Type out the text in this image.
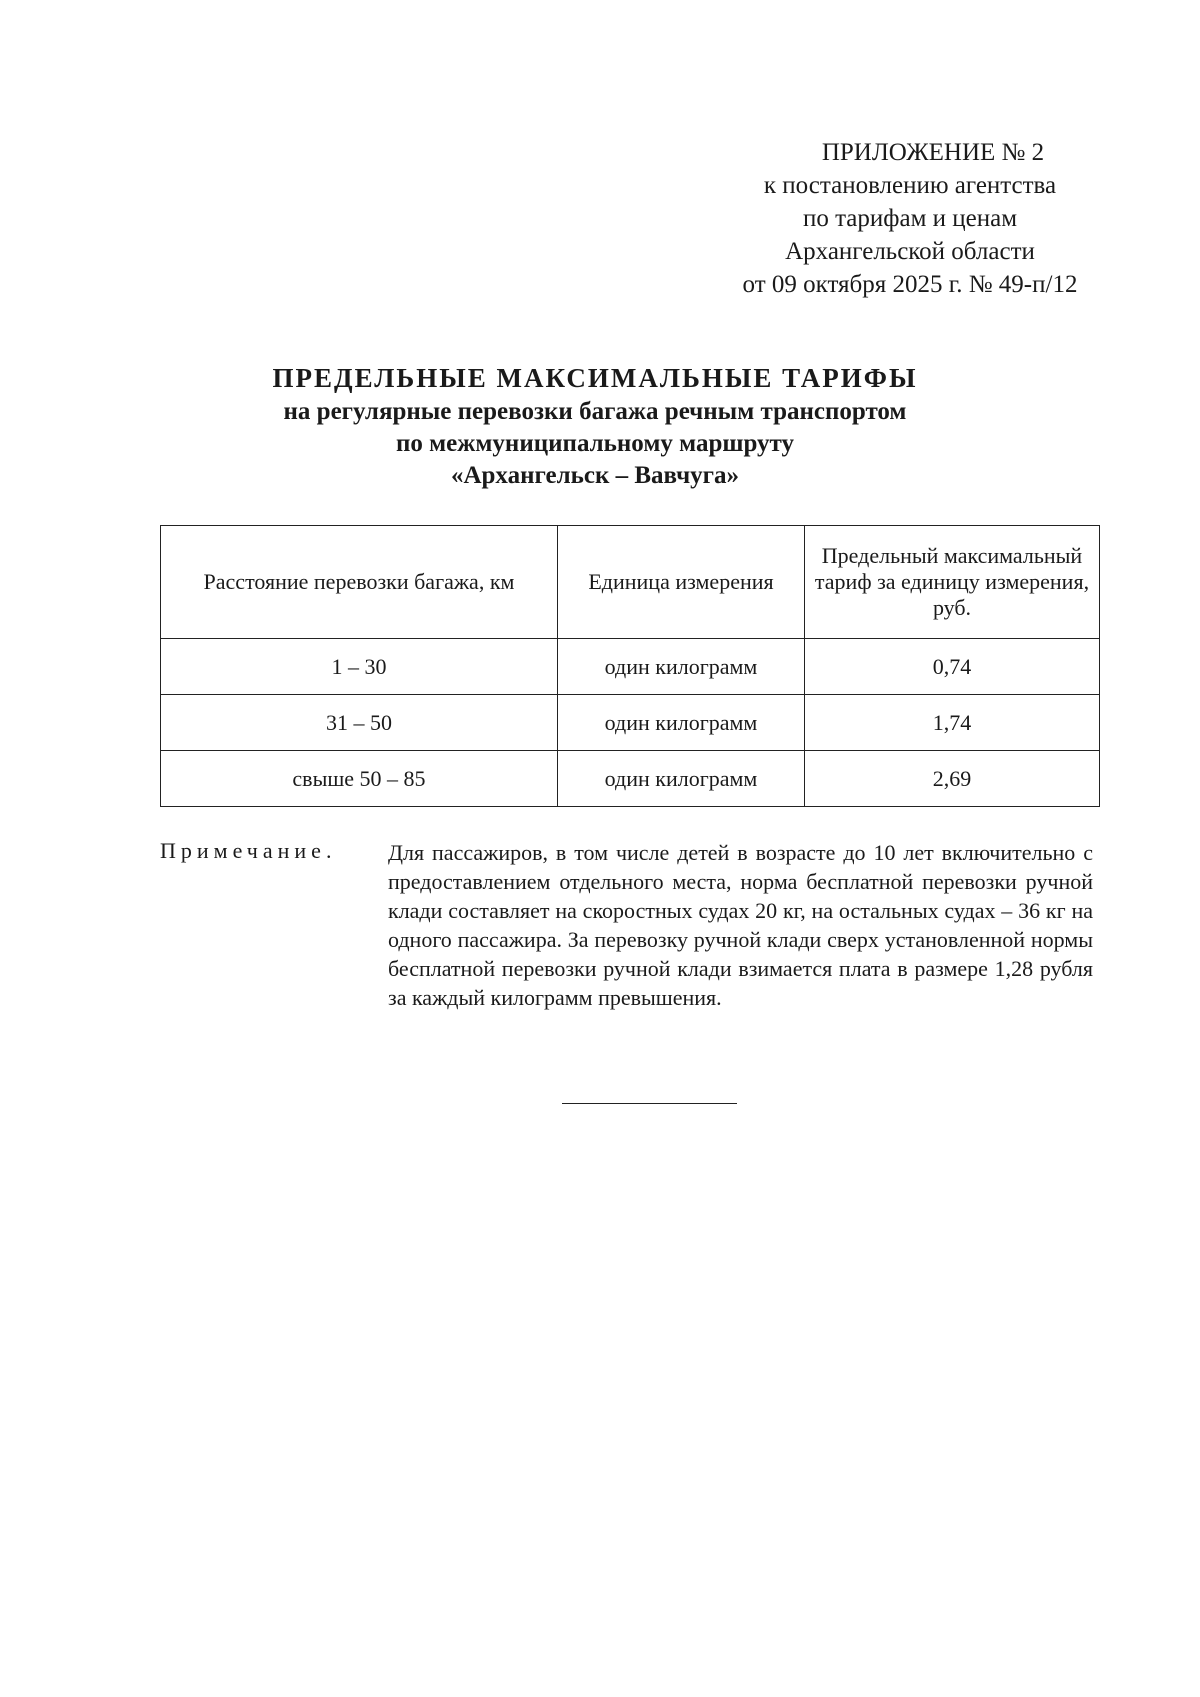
ПРИЛОЖЕНИЕ № 2
к постановлению агентства
по тарифам и ценам
Архангельской области
от 09 октября 2025 г. № 49-п/12
ПРЕДЕЛЬНЫЕ МАКСИМАЛЬНЫЕ ТАРИФЫ
на регулярные перевозки багажа речным транспортом
по межмуниципальному маршруту
«Архангельск – Вавчуга»
Расстояние перевозки багажа, км	Единица измерения	Предельный максимальный тариф за единицу измерения, руб.
1 – 30	один килограмм	0,74
31 – 50	один килограмм	1,74
свыше 50 – 85	один килограмм	2,69
Примечание. Для пассажиров, в том числе детей в возрасте до 10 лет включительно с предоставлением отдельного места, норма бесплатной перевозки ручной клади составляет на скоростных судах 20 кг, на остальных судах – 36 кг на одного пассажира. За перевозку ручной клади сверх установленной нормы бесплатной перевозки ручной клади взимается плата в размере 1,28 рубля за каждый килограмм превышения.
